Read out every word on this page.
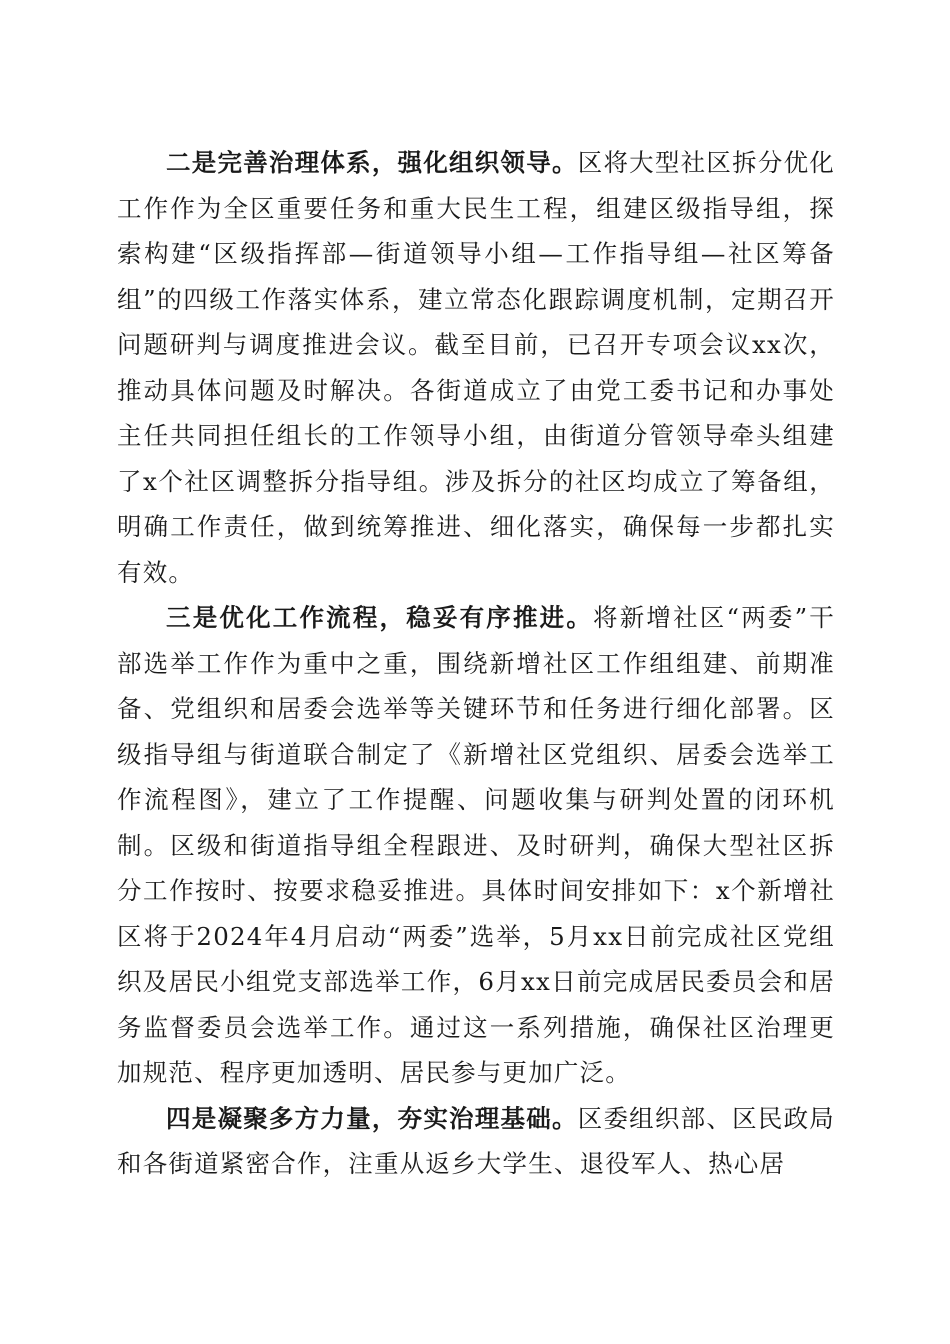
二是完善治理体系，强化组织领导。区将大型社区拆分优化工作作为全区重要任务和重大民生工程，组建区级指导组，探索构建“区级指挥部—街道领导小组—工作指导组—社区筹备组”的四级工作落实体系，建立常态化跟踪调度机制，定期召开问题研判与调度推进会议。截至目前，已召开专项会议xx次，推动具体问题及时解决。各街道成立了由党工委书记和办事处主任共同担任组长的工作领导小组，由街道分管领导牵头组建了x个社区调整拆分指导组。涉及拆分的社区均成立了筹备组，明确工作责任，做到统筹推进、细化落实，确保每一步都扎实有效。

三是优化工作流程，稳妥有序推进。将新增社区“两委”干部选举工作作为重中之重，围绕新增社区工作组组建、前期准备、党组织和居委会选举等关键环节和任务进行细化部署。区级指导组与街道联合制定了《新增社区党组织、居委会选举工作流程图》，建立了工作提醒、问题收集与研判处置的闭环机制。区级和街道指导组全程跟进、及时研判，确保大型社区拆分工作按时、按要求稳妥推进。具体时间安排如下：x个新增社区将于2024年4月启动“两委”选举，5月xx日前完成社区党组织及居民小组党支部选举工作，6月xx日前完成居民委员会和居务监督委员会选举工作。通过这一系列措施，确保社区治理更加规范、程序更加透明、居民参与更加广泛。

四是凝聚多方力量，夯实治理基础。区委组织部、区民政局和各街道紧密合作，注重从返乡大学生、退役军人、热心居
